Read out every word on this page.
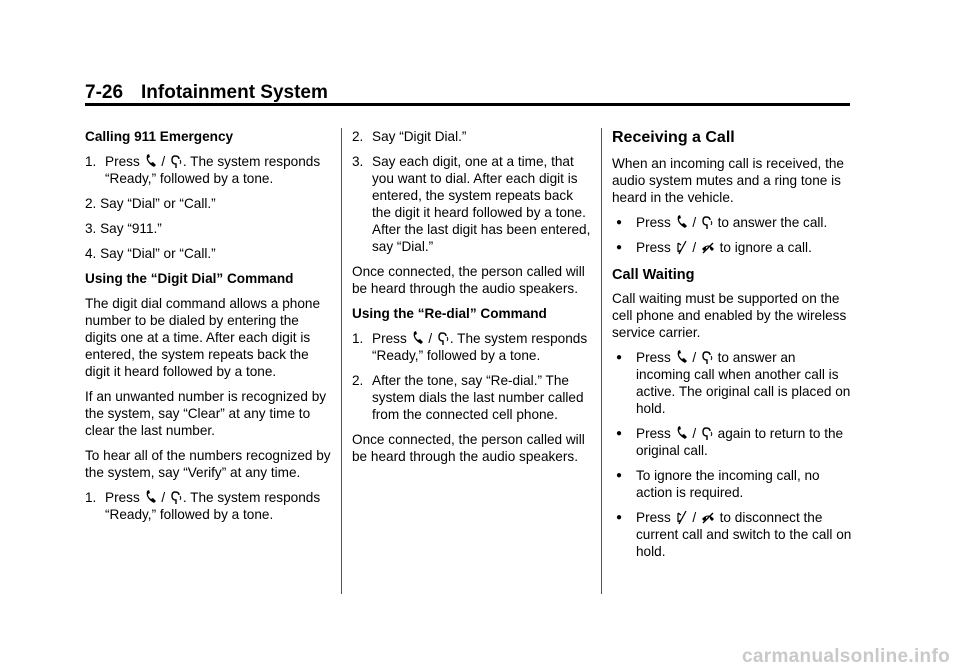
7-26 Infotainment System

Calling 911 Emergency

1. Press / . The system responds “Ready,” followed by a tone.

2. Say “Dial” or “Call.”

3. Say “911.”

4. Say “Dial” or “Call.”

Using the “Digit Dial” Command

The digit dial command allows a phone number to be dialed by entering the digits one at a time. After each digit is entered, the system repeats back the digit it heard followed by a tone.

If an unwanted number is recognized by the system, say “Clear” at any time to clear the last number.

To hear all of the numbers recognized by the system, say “Verify” at any time.

1. Press / . The system responds “Ready,” followed by a tone.
2. Say “Digit Dial.”
3. Say each digit, one at a time, that you want to dial. After each digit is entered, the system repeats back the digit it heard followed by a tone. After the last digit has been entered, say “Dial.”

Once connected, the person called will be heard through the audio speakers.

Using the “Re-dial” Command

1. Press / . The system responds “Ready,” followed by a tone.
2. After the tone, say “Re-dial.” The system dials the last number called from the connected cell phone.

Once connected, the person called will be heard through the audio speakers.

Receiving a Call

When an incoming call is received, the audio system mutes and a ring tone is heard in the vehicle.

● Press / to answer the call.
● Press / to ignore a call.
Call Waiting

Call waiting must be supported on the cell phone and enabled by the wireless service carrier.

● Press / to answer an incoming call when another call is active. The original call is placed on hold.
● Press / again to return to the original call.
● To ignore the incoming call, no action is required.
● Press / to disconnect the current call and switch to the call on hold.
carmanualsonline.info
